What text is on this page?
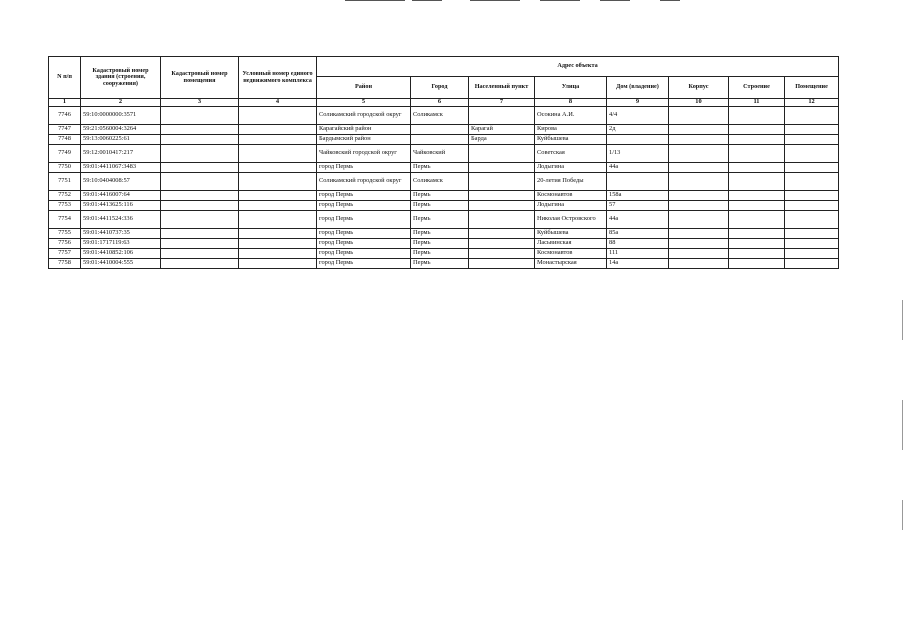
N п/п	Кадастровый номер здания (строения, сооружения)	Кадастровый номер помещения	Условный номер единого недвижимого комплекса	Адрес объекта							
				Район	Город	Населенный пункт	Улица	Дом (владение)	Корпус	Строение	Помещение
1	2	3	4	5	6	7	8	9	10	11	12
7746	59:10:0000000:3571			Соликамский городской округ	Соликамск		Осокина А.И.	4/4			
7747	59:21:0560004:3264			Карагайский район		Карагай	Кирова	2д			
7748	59:13:0060225:61			Бардымский район		Барда	Куйбышева				
7749	59:12:0010417:217			Чайковский городской округ	Чайковский		Советская	1/13			
7750	59:01:4411067:3483			город Пермь	Пермь		Лодыгина	44а			
7751	59:10:0404008:57			Соликамский городской округ	Соликамск		20-летия Победы				
7752	59:01:4416007:64			город Пермь	Пермь		Космонавтов	158а			
7753	59:01:4413625:116			город Пермь	Пермь		Лодыгина	57			
7754	59:01:4411524:336			город Пермь	Пермь		Николая Островского	44а			
7755	59:01:4410737:35			город Пермь	Пермь		Куйбышева	85а			
7756	59:01:1717119:63			город Пермь	Пермь		Ласьвинская	88			
7757	59:01:4410852:106			город Пермь	Пермь		Космонавтов	111			
7758	59:01:4410004:555			город Пермь	Пермь		Монастырская	14а			
